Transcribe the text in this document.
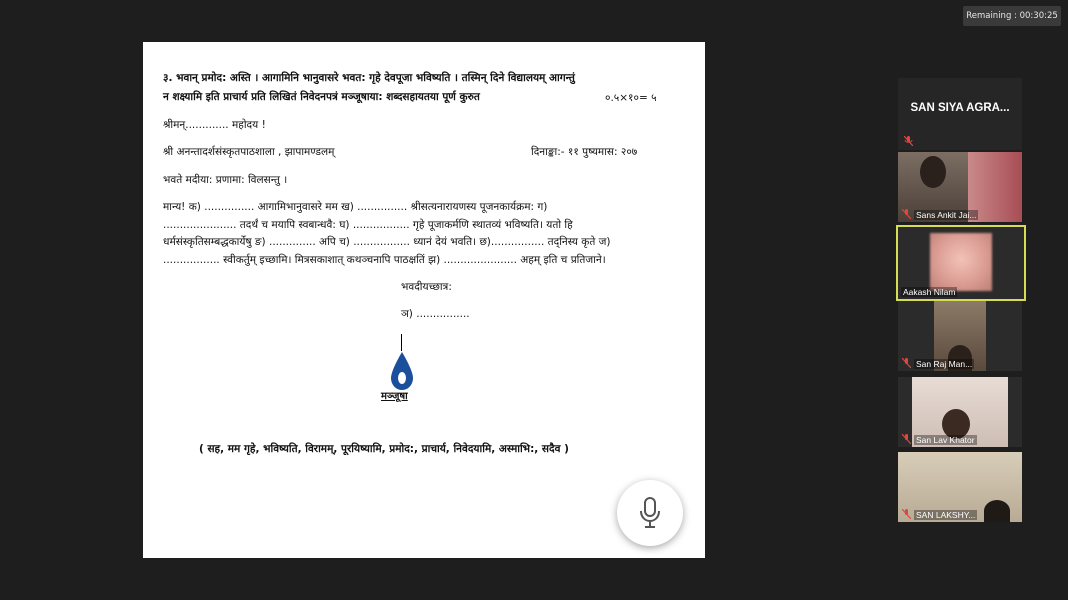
Remaining : 00:30:25
३. भवान् प्रमोद: अस्ति । आगामिनि भानुवासरे भवत: गृहे देवपूजा भविष्यति । तस्मिन् दिने विद्यालयम् आगन्तुं
न शक्ष्यामि इति प्राचार्य प्रति लिखितं निवेदनपत्रं मञ्जूषाया: शब्दसहायतया पूर्ण कुरुत	०.५×१०= ५
श्रीमन्............. महोदय !
श्री अनन्तादर्शसंस्कृतपाठशाला , झापामण्डलम्	दिनाङ्का:- ११ पुष्यमास: २०७
भवते मदीया: प्रणामा: विलसन्तु ।
मान्य! क) ............... आगामिभानुवासरे मम ख) ............... श्रीसत्यनारायणस्य पूजनकार्यक्रम: ग)
...................... तदर्थं च मयापि स्वबान्धवै: घ) ................. गृहे पूजाकर्मणि स्थातव्यं भविष्यति। यतो हि
धर्मसंस्कृतिसम्बद्धकार्येषु ङ) .............. अपि च) ................. ध्यानं देयं भवति। छ)................ तद्निस्य कृते ज)
................. स्वीकर्तुम् इच्छामि। मित्रसकाशात् कथञ्चनापि पाठक्षतिं झ) ...................... अहम् इति च प्रतिजाने।
भवदीयच्छात्र:
ञ) ................
मञ्जूषा
( सह, मम गृहे, भविष्यति, विरामम्, पूरयिष्यामि, प्रमोद:, प्राचार्य, निवेदयामि, अस्माभि:, सदैव )
SAN SIYA AGRA...
Sans Ankit Jai...
Aakash Nilam
San Raj Man...
San Lav Khator
SAN LAKSHY...
